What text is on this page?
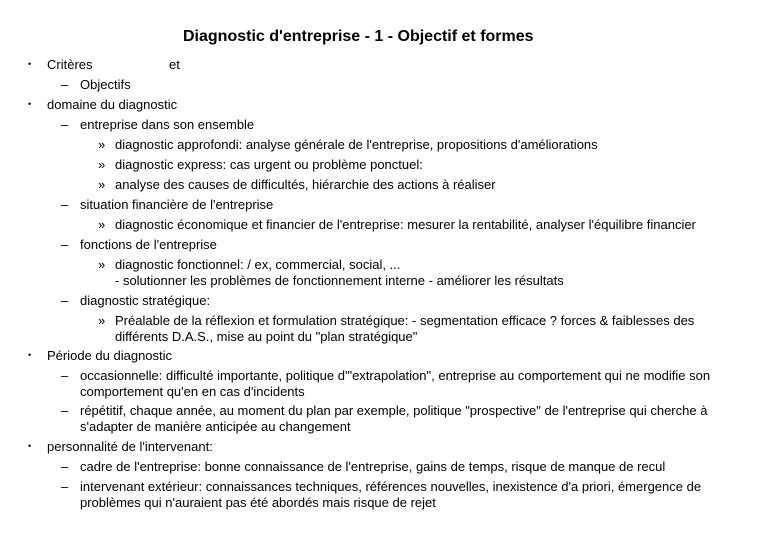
Diagnostic d'entreprise - 1 - Objectif et formes
• Critères	et
– Objectifs
• domaine du diagnostic
– entreprise dans son ensemble
» diagnostic approfondi: analyse générale de l'entreprise, propositions d'améliorations
» diagnostic express: cas urgent ou problème ponctuel:
» analyse des causes de difficultés, hiérarchie des actions à réaliser
– situation financière de l'entreprise
» diagnostic économique et financier de l'entreprise: mesurer la rentabilité, analyser l'équilibre financier
– fonctions de l'entreprise
» diagnostic fonctionnel: / ex, commercial, social, ...
- solutionner les problèmes de fonctionnement interne - améliorer les résultats
– diagnostic stratégique:
» Préalable de la réflexion et formulation stratégique: - segmentation efficace ? forces & faiblesses des
différents D.A.S., mise au point du "plan stratégique"
• Période du diagnostic
– occasionnelle: difficulté importante, politique d'"extrapolation", entreprise au comportement qui ne modifie son
comportement qu'en en cas d'incidents
– répétitif, chaque année, au moment du plan par exemple, politique "prospective" de l'entreprise qui cherche à
s'adapter de manière anticipée au changement
• personnalité de l'intervenant:
– cadre de l'entreprise: bonne connaissance de l'entreprise, gains de temps, risque de manque de recul
– intervenant extérieur: connaissances techniques, références nouvelles, inexistence d'a priori, émergence de
problèmes qui n'auraient pas été abordés mais risque de rejet
